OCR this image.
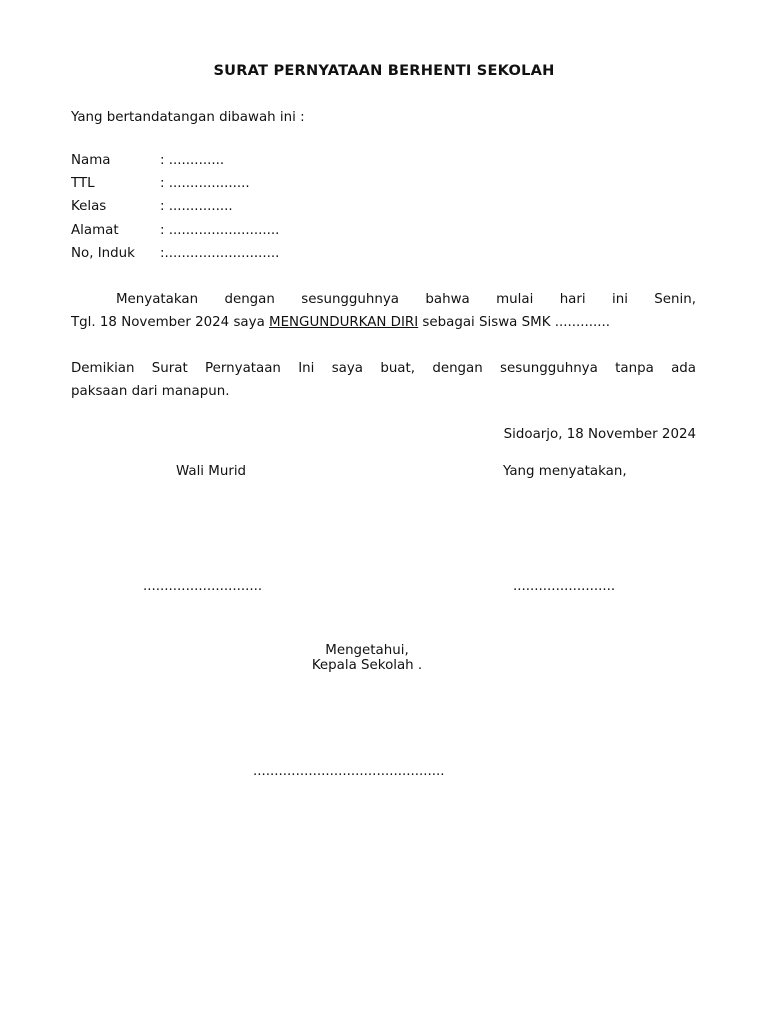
SURAT PERNYATAAN BERHENTI SEKOLAH
Yang bertandatangan dibawah ini :
Nama	: .............
TTL	: ...................
Kelas	: ...............
Alamat	: ..........................
No, Induk :...........................
Menyatakan dengan sesungguhnya bahwa mulai hari ini Senin,
Tgl. 18 November 2024 saya MENGUNDURKAN DIRI sebagai Siswa SMK .............
Demikian Surat Pernyataan Ini saya buat, dengan sesungguhnya tanpa ada
paksaan dari manapun.
Sidoarjo, 18 November 2024
Wali Murid	Yang menyatakan,
............................	........................
Mengetahui,
Kepala Sekolah .
.............................................
